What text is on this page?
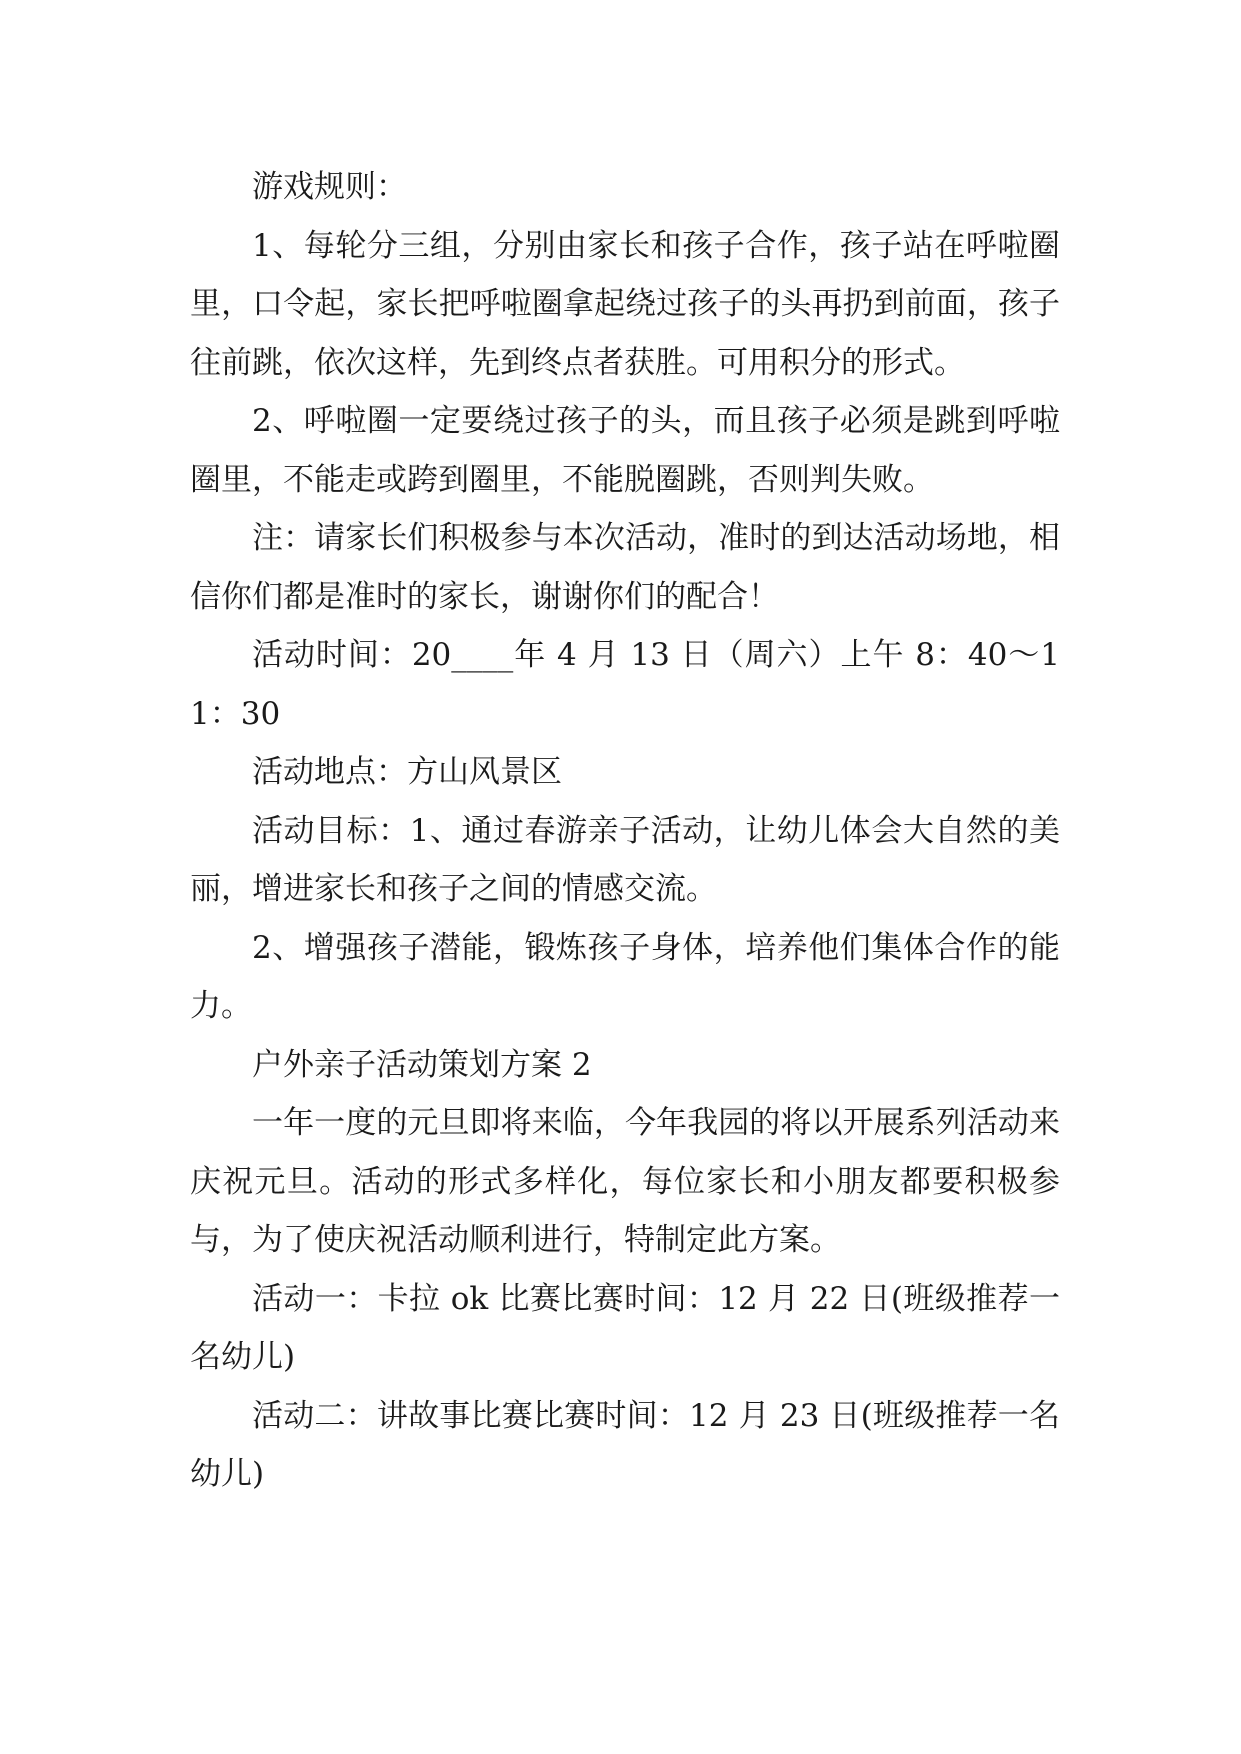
游戏规则：

1、每轮分三组，分别由家长和孩子合作，孩子站在呼啦圈里，口令起，家长把呼啦圈拿起绕过孩子的头再扔到前面，孩子往前跳，依次这样，先到终点者获胜。可用积分的形式。

2、呼啦圈一定要绕过孩子的头，而且孩子必须是跳到呼啦圈里，不能走或跨到圈里，不能脱圈跳，否则判失败。

注：请家长们积极参与本次活动，准时的到达活动场地，相信你们都是准时的家长，谢谢你们的配合！

活动时间：20____年 4 月 13 日（周六）上午 8：40～11：30

活动地点：方山风景区

活动目标：1、通过春游亲子活动，让幼儿体会大自然的美丽，增进家长和孩子之间的情感交流。

2、增强孩子潜能，锻炼孩子身体，培养他们集体合作的能力。

户外亲子活动策划方案 2

一年一度的元旦即将来临，今年我园的将以开展系列活动来庆祝元旦。活动的形式多样化，每位家长和小朋友都要积极参与，为了使庆祝活动顺利进行，特制定此方案。

活动一：卡拉 ok 比赛比赛时间：12 月 22 日(班级推荐一名幼儿)

活动二：讲故事比赛比赛时间：12 月 23 日(班级推荐一名幼儿)
